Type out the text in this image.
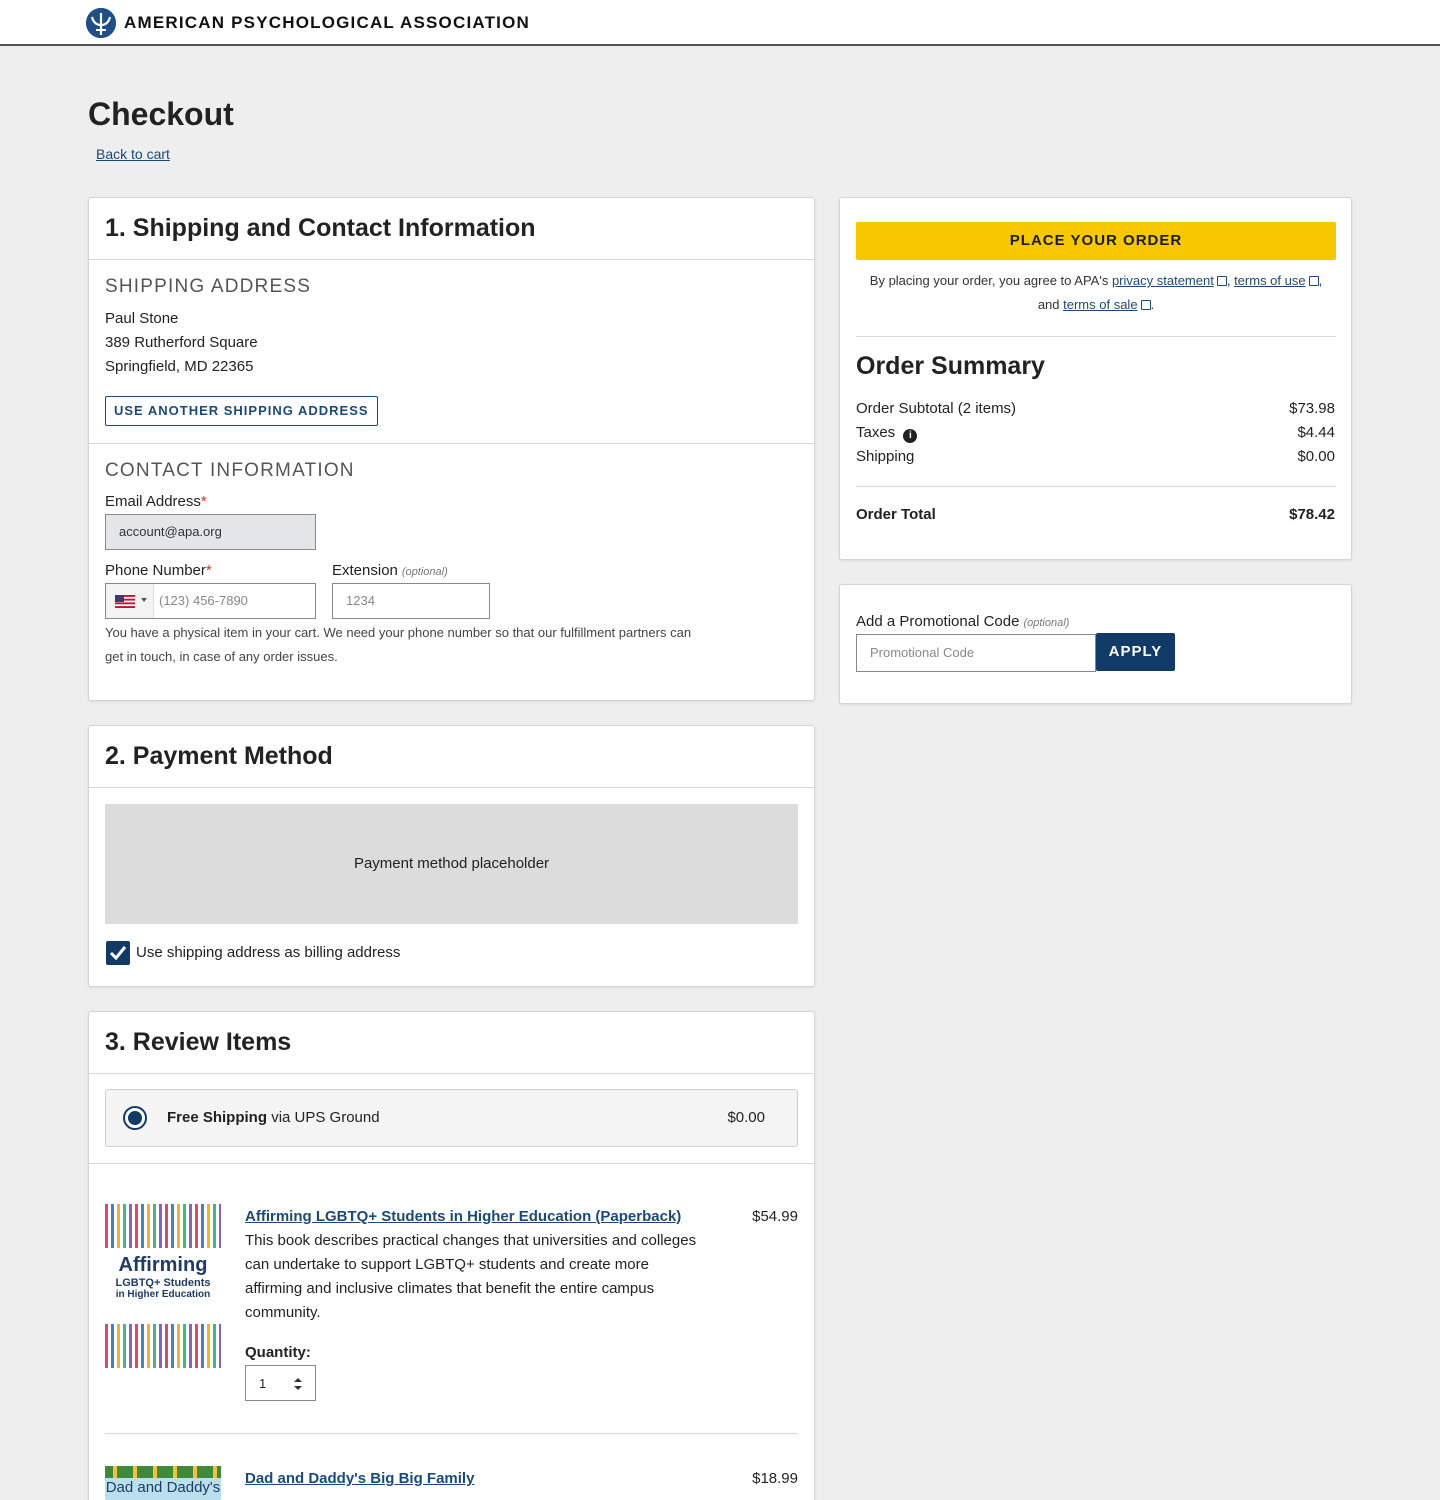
AMERICAN PSYCHOLOGICAL ASSOCIATION
Checkout
Back to cart
1. Shipping and Contact Information
SHIPPING ADDRESS
Paul Stone
389 Rutherford Square
Springfield, MD 22365
USE ANOTHER SHIPPING ADDRESS
CONTACT INFORMATION
Email Address*
account@apa.org
Phone Number*
(123) 456-7890
Extension (optional)
1234
You have a physical item in your cart. We need your phone number so that our fulfillment partners can
get in touch, in case of any order issues.
2. Payment Method
Payment method placeholder
Use shipping address as billing address
3. Review Items
Free Shipping via UPS Ground	$0.00
Affirming
LGBTQ+ Students
in Higher Education
Affirming LGBTQ+ Students in Higher Education (Paperback)	$54.99
This book describes practical changes that universities and colleges
can undertake to support LGBTQ+ students and create more
affirming and inclusive climates that benefit the entire campus
community.
Quantity:
1
Dad and Daddy's
Dad and Daddy's Big Big Family	$18.99
PLACE YOUR ORDER
By placing your order, you agree to APA's privacy statement , terms of use ,
and terms of sale .
Order Summary
Order Subtotal (2 items)	$73.98
Taxes i	$4.44
Shipping	$0.00
Order Total	$78.42
Add a Promotional Code (optional)
Promotional Code	APPLY
